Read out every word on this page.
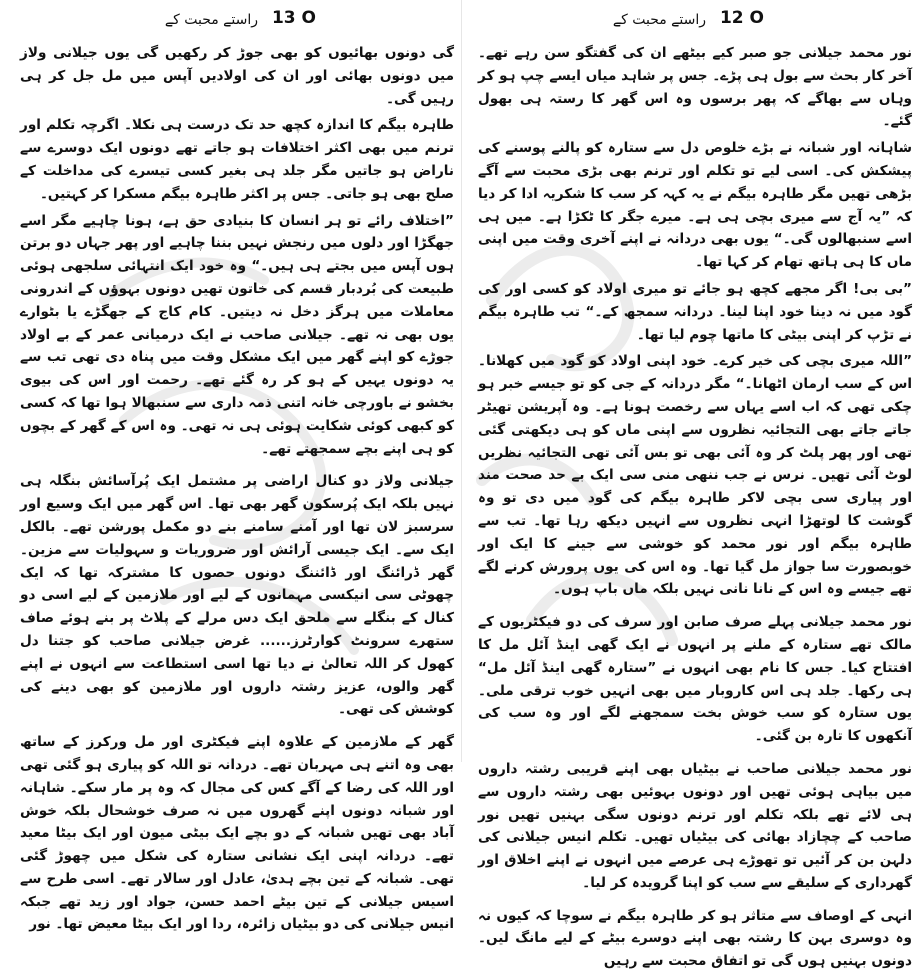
راستے محبت کے 13 O

گی دونوں بھائیوں کو بھی جوڑ کر رکھیں گی یوں جیلانی ولاز میں دونوں بھائی اور ان کی اولادیں آپس میں مل جل کر ہی رہیں گی۔

طاہرہ بیگم کا اندازہ کچھ حد تک درست ہی نکلا۔ اگرچہ تکلم اور ترنم میں بھی اکثر اختلافات ہو جاتے تھے دونوں ایک دوسرے سے ناراض ہو جاتیں مگر جلد ہی بغیر کسی تیسرے کی مداخلت کے صلح بھی ہو جاتی۔ جس پر اکثر طاہرہ بیگم مسکرا کر کہتیں۔

”اختلاف رائے تو ہر انسان کا بنیادی حق ہے، ہونا چاہیے مگر اسے جھگڑا اور دلوں میں رنجش نہیں بننا چاہیے اور پھر جہاں دو برتن ہوں آپس میں بجتے ہی ہیں۔“ وہ خود ایک انتہائی سلجھی ہوئی طبیعت کی بُردبار قسم کی خاتون تھیں دونوں بہوؤں کے اندرونی معاملات میں ہرگز دخل نہ دیتیں۔ کام کاج کے جھگڑے یا بٹوارے یوں بھی نہ تھے۔ جیلانی صاحب نے ایک درمیانی عمر کے بے اولاد جوڑے کو اپنے گھر میں ایک مشکل وقت میں پناہ دی تھی تب سے یہ دونوں یہیں کے ہو کر رہ گئے تھے۔ رحمت اور اس کی بیوی بخشو نے باورچی خانہ اتنی ذمہ داری سے سنبھالا ہوا تھا کہ کسی کو کبھی کوئی شکایت ہوئی ہی نہ تھی۔ وہ اس کے گھر کے بچوں کو ہی اپنے بچے سمجھتے تھے۔

جیلانی ولاز دو کنال اراضی پر مشتمل ایک پُرآسائش بنگلہ ہی نہیں بلکہ ایک پُرسکون گھر بھی تھا۔ اس گھر میں ایک وسیع اور سرسبز لان تھا اور آمنے سامنے بنے دو مکمل پورشن تھے۔ بالکل ایک سے۔ ایک جیسی آرائش اور ضروریات و سہولیات سے مزین۔ گھر ڈرائنگ اور ڈائننگ دونوں حصوں کا مشترکہ تھا کہ ایک چھوٹی سی انیکسی مہمانوں کے لیے اور ملازمین کے لیے اسی دو کنال کے بنگلے سے ملحق ایک دس مرلے کے پلاٹ پر بنے ہوئے صاف ستھرے سرونٹ کوارٹرز...... غرض جیلانی صاحب کو جتنا دل کھول کر اللہ تعالیٰ نے دیا تھا اسی استطاعت سے انہوں نے اپنے گھر والوں، عزیز رشتہ داروں اور ملازمین کو بھی دینے کی کوشش کی تھی۔

گھر کے ملازمین کے علاوہ اپنے فیکٹری اور مل ورکرز کے ساتھ بھی وہ اتنے ہی مہربان تھے۔ دردانہ تو اللہ کو پیاری ہو گئی تھی اور اللہ کی رضا کے آگے کس کی مجال کہ وہ پر مار سکے۔ شاہانہ اور شبانہ دونوں اپنے گھروں میں نہ صرف خوشحال بلکہ خوش آباد بھی تھیں شبانہ کے دو بچے ایک بیٹی میون اور ایک بیٹا معید تھے۔ دردانہ اپنی ایک نشانی ستارہ کی شکل میں چھوڑ گئی تھی۔ شبانہ کے تین بچے ہدیٰ، عادل اور سالار تھے۔ اسی طرح سے اسیس جیلانی کے تین بیٹے احمد حسن، جواد اور زید تھے جبکہ انیس جیلانی کی دو بیٹیاں زائرہ، ردا اور ایک بیٹا معیض تھا۔ نور

راستے محبت کے 12 O

نور محمد جیلانی جو صبر کیے بیٹھے ان کی گفتگو سن رہے تھے۔ آخر کار بحث سے بول ہی پڑے۔ جس پر شاہد میاں ایسے چپ ہو کر وہاں سے بھاگے کہ پھر برسوں وہ اس گھر کا رستہ ہی بھول گئے۔

شاہانہ اور شبانہ نے بڑے خلوص دل سے ستارہ کو پالنے پوسنے کی پیشکش کی۔ اسی لیے تو تکلم اور ترنم بھی بڑی محبت سے آگے بڑھی تھیں مگر طاہرہ بیگم نے یہ کہہ کر سب کا شکریہ ادا کر دیا کہ ”یہ آج سے میری بچی ہی ہے۔ میرے جگر کا ٹکڑا ہے۔ میں ہی اسے سنبھالوں گی۔“ یوں بھی دردانہ نے اپنے آخری وقت میں اپنی ماں کا ہی ہاتھ تھام کر کہا تھا۔

”بی بی! اگر مجھے کچھ ہو جائے تو میری اولاد کو کسی اور کی گود میں نہ دینا خود اپنا لینا۔ دردانہ سمجھ کے۔“ تب طاہرہ بیگم نے تڑپ کر اپنی بیٹی کا ماتھا چوم لیا تھا۔

”اللہ میری بچی کی خیر کرے۔ خود اپنی اولاد کو گود میں کھلانا۔ اس کے سب ارمان اٹھانا۔“ مگر دردانہ کے جی کو تو جیسے خبر ہو چکی تھی کہ اب اسے یہاں سے رخصت ہونا ہے۔ وہ آپریشن تھیٹر جاتے جاتے بھی التجائیہ نظروں سے اپنی ماں کو ہی دیکھتی گئی تھی اور پھر پلٹ کر وہ آئی بھی تو بس آئی تھی التجائیہ نظریں لوٹ آئی تھیں۔ نرس نے جب ننھی منی سی ایک بے حد صحت مند اور پیاری سی بچی لاکر طاہرہ بیگم کی گود میں دی تو وہ گوشت کا لوتھڑا انہی نظروں سے انہیں دیکھ رہا تھا۔ تب سے طاہرہ بیگم اور نور محمد کو خوشی سے جینے کا ایک اور خوبصورت سا جواز مل گیا تھا۔ وہ اس کی یوں پرورش کرنے لگے تھے جیسے وہ اس کے نانا نانی نہیں بلکہ ماں باپ ہوں۔

نور محمد جیلانی پہلے صرف صابن اور سرف کی دو فیکٹریوں کے مالک تھے ستارہ کے ملنے پر انہوں نے ایک گھی اینڈ آئل مل کا افتتاح کیا۔ جس کا نام بھی انہوں نے ”ستارہ گھی اینڈ آئل مل“ ہی رکھا۔ جلد ہی اس کاروبار میں بھی انہیں خوب ترقی ملی۔ یوں ستارہ کو سب خوش بخت سمجھنے لگے اور وہ سب کی آنکھوں کا تارہ بن گئی۔

نور محمد جیلانی صاحب نے بیٹیاں بھی اپنے قریبی رشتہ داروں میں بیاہی ہوئی تھیں اور دونوں بہوئیں بھی رشتہ داروں سے ہی لائے تھے بلکہ تکلم اور ترنم دونوں سگی بہنیں تھیں نور صاحب کے چچازاد بھائی کی بیٹیاں تھیں۔ تکلم انیس جیلانی کی دلہن بن کر آئیں تو تھوڑے ہی عرصے میں انہوں نے اپنے اخلاق اور گھرداری کے سلیقے سے سب کو اپنا گرویدہ کر لیا۔

انہی کے اوصاف سے متاثر ہو کر طاہرہ بیگم نے سوچا کہ کیوں نہ وہ دوسری بہن کا رشتہ بھی اپنے دوسرے بیٹے کے لیے مانگ لیں۔ دونوں بہنیں ہوں گی تو اتفاق محبت سے رہیں
